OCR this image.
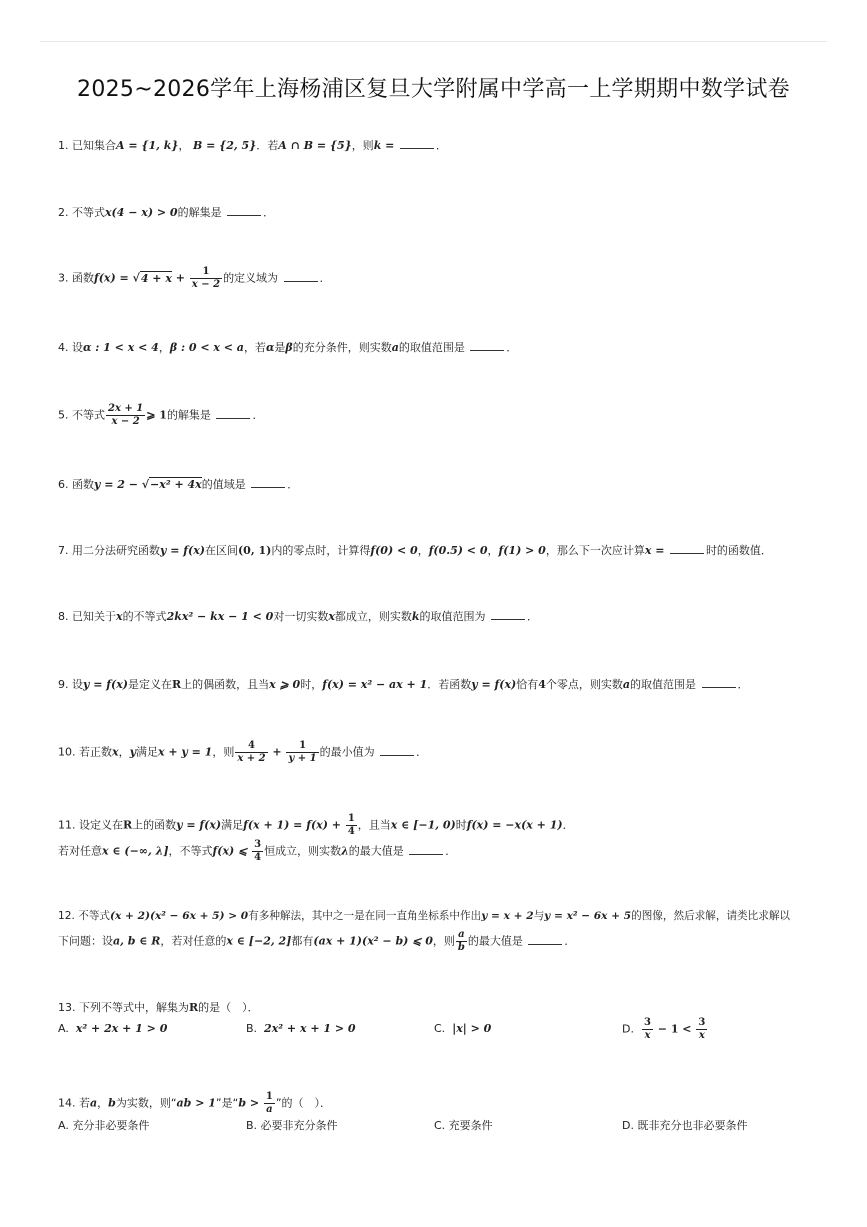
2025~2026学年上海杨浦区复旦大学附属中学高一上学期期中数学试卷
1. 已知集合A = {1, k}， B = {2, 5}．若A ∩ B = {5}，则k =	．
2. 不等式x(4 − x) > 0的解集是	．
3. 函数$f(x) = √4 + x + \frac{1}{x - 2}$ 的定义域为	．
4. 设α : 1 < x < 4，β : 0 < x < a，若α是β的充分条件，则实数a的取值范围是	．
5. 不等式 $\frac{2x + 1}{x - 2}$ ⩾ 1的解集是	．
6. 函数y = 2 − √−x² + 4x的值域是	．
7. 用二分法研究函数y = f(x)在区间(0, 1)内的零点时，计算得f(0) < 0，f(0.5) < 0，f(1) > 0，那么下一次应计算x =	时的函数值．
8. 已知关于x的不等式2kx² − kx − 1 < 0对一切实数x都成立，则实数k的取值范围为	．
9. 设y = f(x)是定义在R上的偶函数，且当x ⩾ 0时，f(x) = x² − ax + 1．若函数y = f(x)恰有4个零点，则实数a的取值范围是	．
10. 若正数x，y满足x + y = 1，则 $\frac{4}{x + 2} + \frac{1}{y + 1}$ 的最小值为	．
11. 设定义在R上的函数y = f(x)满足$f(x + 1) = f(x) + \frac{1}{4}$ ，且当x ∈ [−1, 0)时f(x) = −x(x + 1)．
若对任意x ∈ (−∞, λ]，不等式f(x) ⩽ $\frac{3}{4}$ 恒成立，则实数λ的最大值是	．
12. 不等式(x + 2)(x² − 6x + 5) > 0有多种解法，其中之一是在同一直角坐标系中作出y = x + 2与y = x² − 6x + 5的图像，然后求解，请类比求解以
下问题：设a, b ∈ R，若对任意的x ∈ [−2, 2]都有(ax + 1)(x² − b) ⩽ 0，则 $\frac{a}{b}$ 的最大值是	．
13. 下列不等式中，解集为R的是（　）．
A. x² + 2x + 1 > 0	B. 2x² + x + 1 > 0	C. |x| > 0	D. $\frac{3}{x} - 1 < \frac{3}{x}$
14. 若a，b为实数，则“ab > 1”是“$b > \frac{1}{a}$ ”的（　）．
A. 充分非必要条件	B. 必要非充分条件	C. 充要条件	D. 既非充分也非必要条件
